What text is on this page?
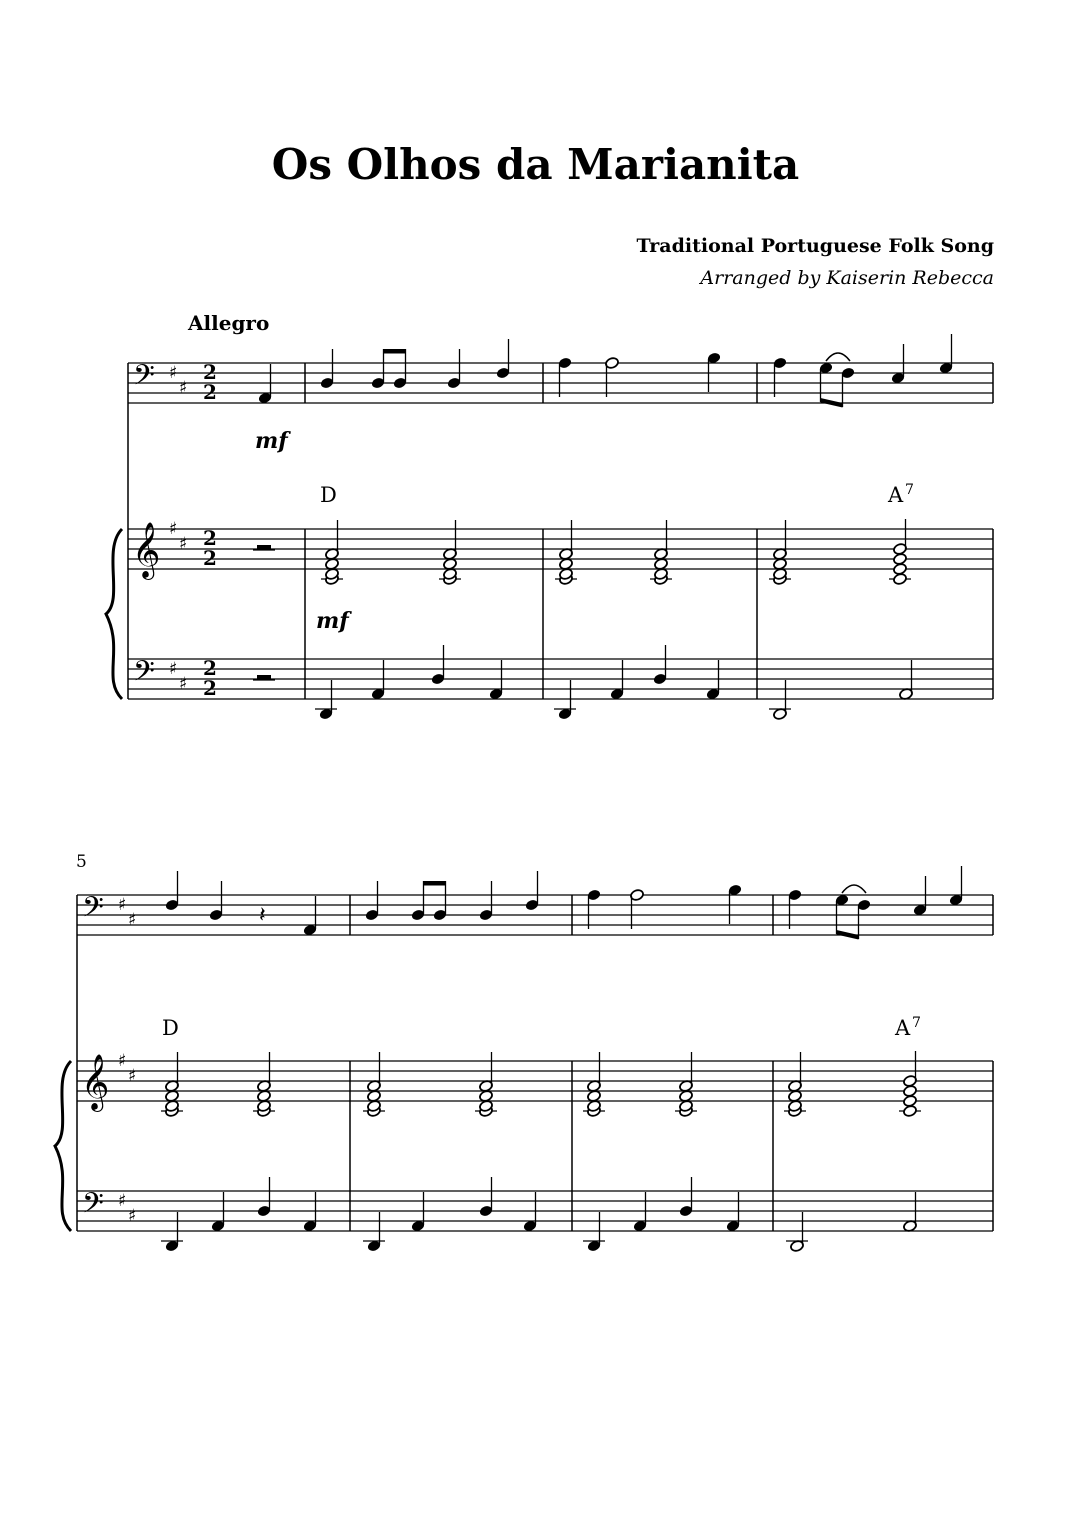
Os Olhos da Marianita
Traditional Portuguese Folk Song
Arranged by Kaiserin Rebecca
Allegro
5
𝄢 ♯
♯
2
2
𝄞 ♯
♯ 2
2
𝄢 ♯
♯
2
2
mf
D	A 7
mf
𝄢 ♯
♯
𝄞 ♯
♯
𝄢 ♯
♯
𝄽
D	A 7
